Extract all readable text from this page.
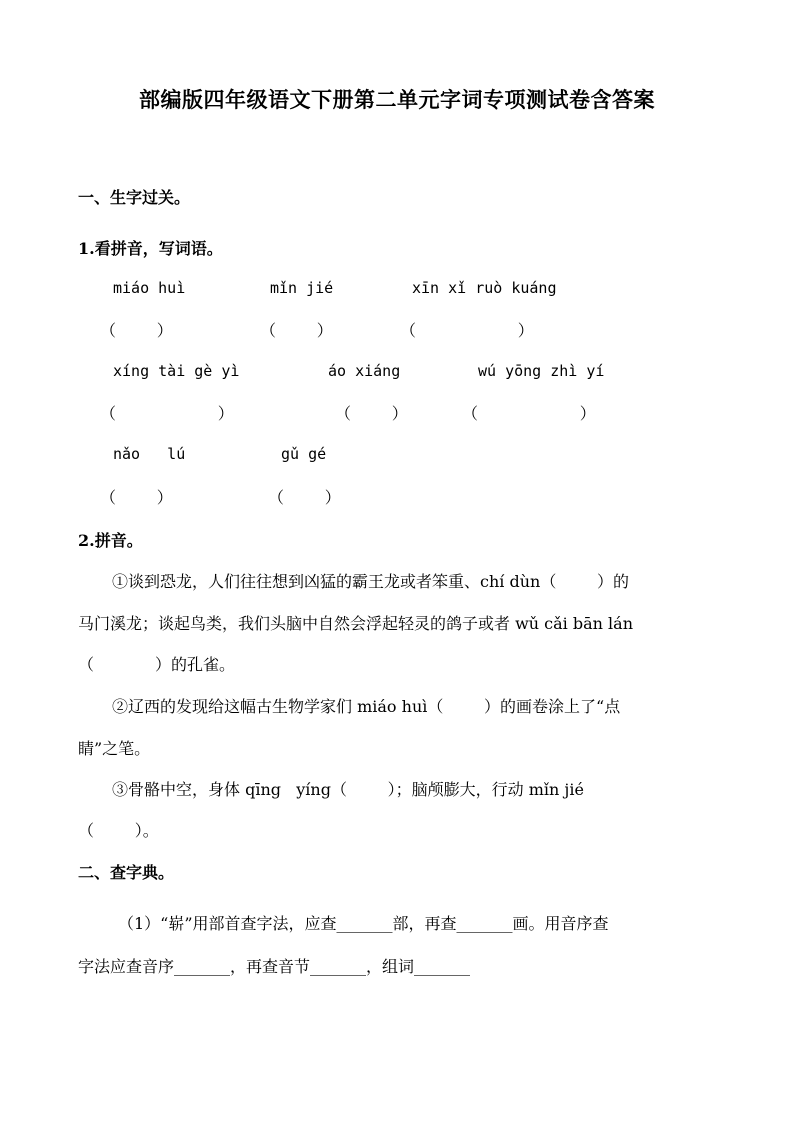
部编版四年级语文下册第二单元字词专项测试卷含答案
一、生字过关。
1.看拼音，写词语。
miáo huì	mǐn jié	xīn xǐ ruò kuáng
（        ）	（        ）	（                    ）
xíng tài gè yì	áo xiáng	wú yōng zhì yí
（                    ）	（        ）	（                    ）
nǎo   lú	gǔ gé
（        ）	（        ）
2.拼音。
①谈到恐龙，人们往往想到凶猛的霸王龙或者笨重、chí dùn（        ）的
马门溪龙；谈起鸟类，我们头脑中自然会浮起轻灵的鸽子或者 wǔ cǎi bān lán
（            ）的孔雀。
②辽西的发现给这幅古生物学家们 miáo huì（        ）的画卷涂上了“点
睛”之笔。
③骨骼中空，身体 qīng   yíng（        ）；脑颅膨大，行动 mǐn jié
（        ）。
二、查字典。
（1）“崭”用部首查字法，应查_______部，再查_______画。用音序查
字法应查音序_______，再查音节_______，组词_______
